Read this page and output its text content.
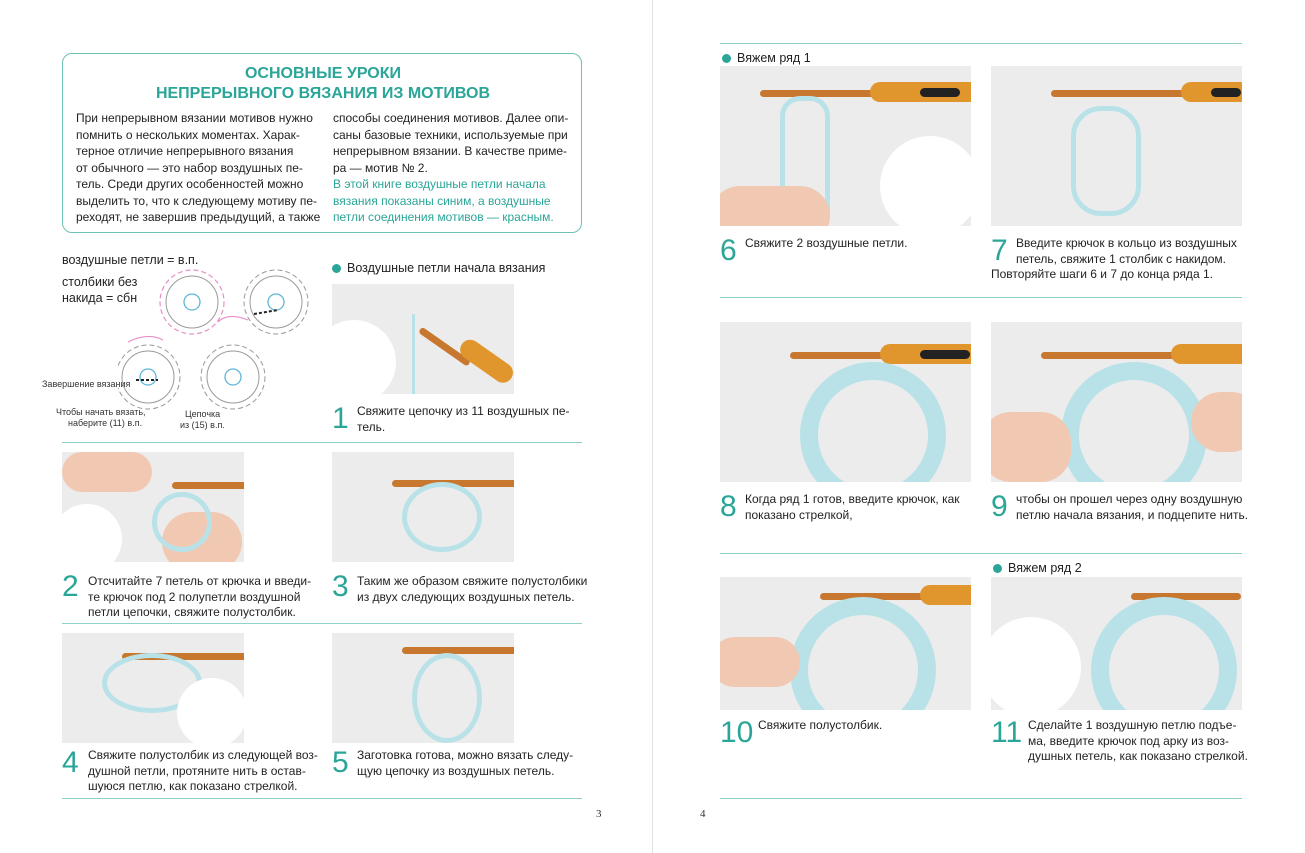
ОСНОВНЫЕ УРОКИ
НЕПРЕРЫВНОГО ВЯЗАНИЯ ИЗ МОТИВОВ
При непрерывном вязании мотивов нужно
помнить о нескольких моментах. Харак-
терное отличие непрерывного вязания
от обычного — это набор воздушных пе-
тель. Среди других особенностей можно
выделить то, что к следующему мотиву пе-
реходят, не завершив предыдущий, а также
способы соединения мотивов. Далее опи-
саны базовые техники, используемые при
непрерывном вязании. В качестве приме-
ра — мотив № 2.
В этой книге воздушные петли начала
вязания показаны синим, а воздушные
петли соединения мотивов — красным.
воздушные петли = в.п.
столбики без
накида = сбн
Завершение вязания
Чтобы начать вязать,
наберите (11) в.п.
Цепочка
из (15) в.п.
Воздушные петли начала вязания
1 Свяжите цепочку из 11 воздушных пе-
тель.
2 Отсчитайте 7 петель от крючка и введи-
те крючок под 2 полупетли воздушной
петли цепочки, свяжите полустолбик.
3 Таким же образом свяжите полустолбики
из двух следующих воздушных петель.
4 Свяжите полустолбик из следующей воз-
душной петли, протяните нить в остав-
шуюся петлю, как показано стрелкой.
5 Заготовка готова, можно вязать следу-
щую цепочку из воздушных петель.
3
Вяжем ряд 1
6 Свяжите 2 воздушные петли.	7 Введите крючок в кольцо из воздушных
петель, свяжите 1 столбик с накидом.
Повторяйте шаги 6 и 7 до конца ряда 1.
8 Когда ряд 1 готов, введите крючок, как
показано стрелкой,	9 чтобы он прошел через одну воздушную
петлю начала вязания, и подцепите нить.
Вяжем ряд 2
10 Свяжите полустолбик.	11 Сделайте 1 воздушную петлю подъе-
ма, введите крючок под арку из воз-
душных петель, как показано стрелкой.
4
